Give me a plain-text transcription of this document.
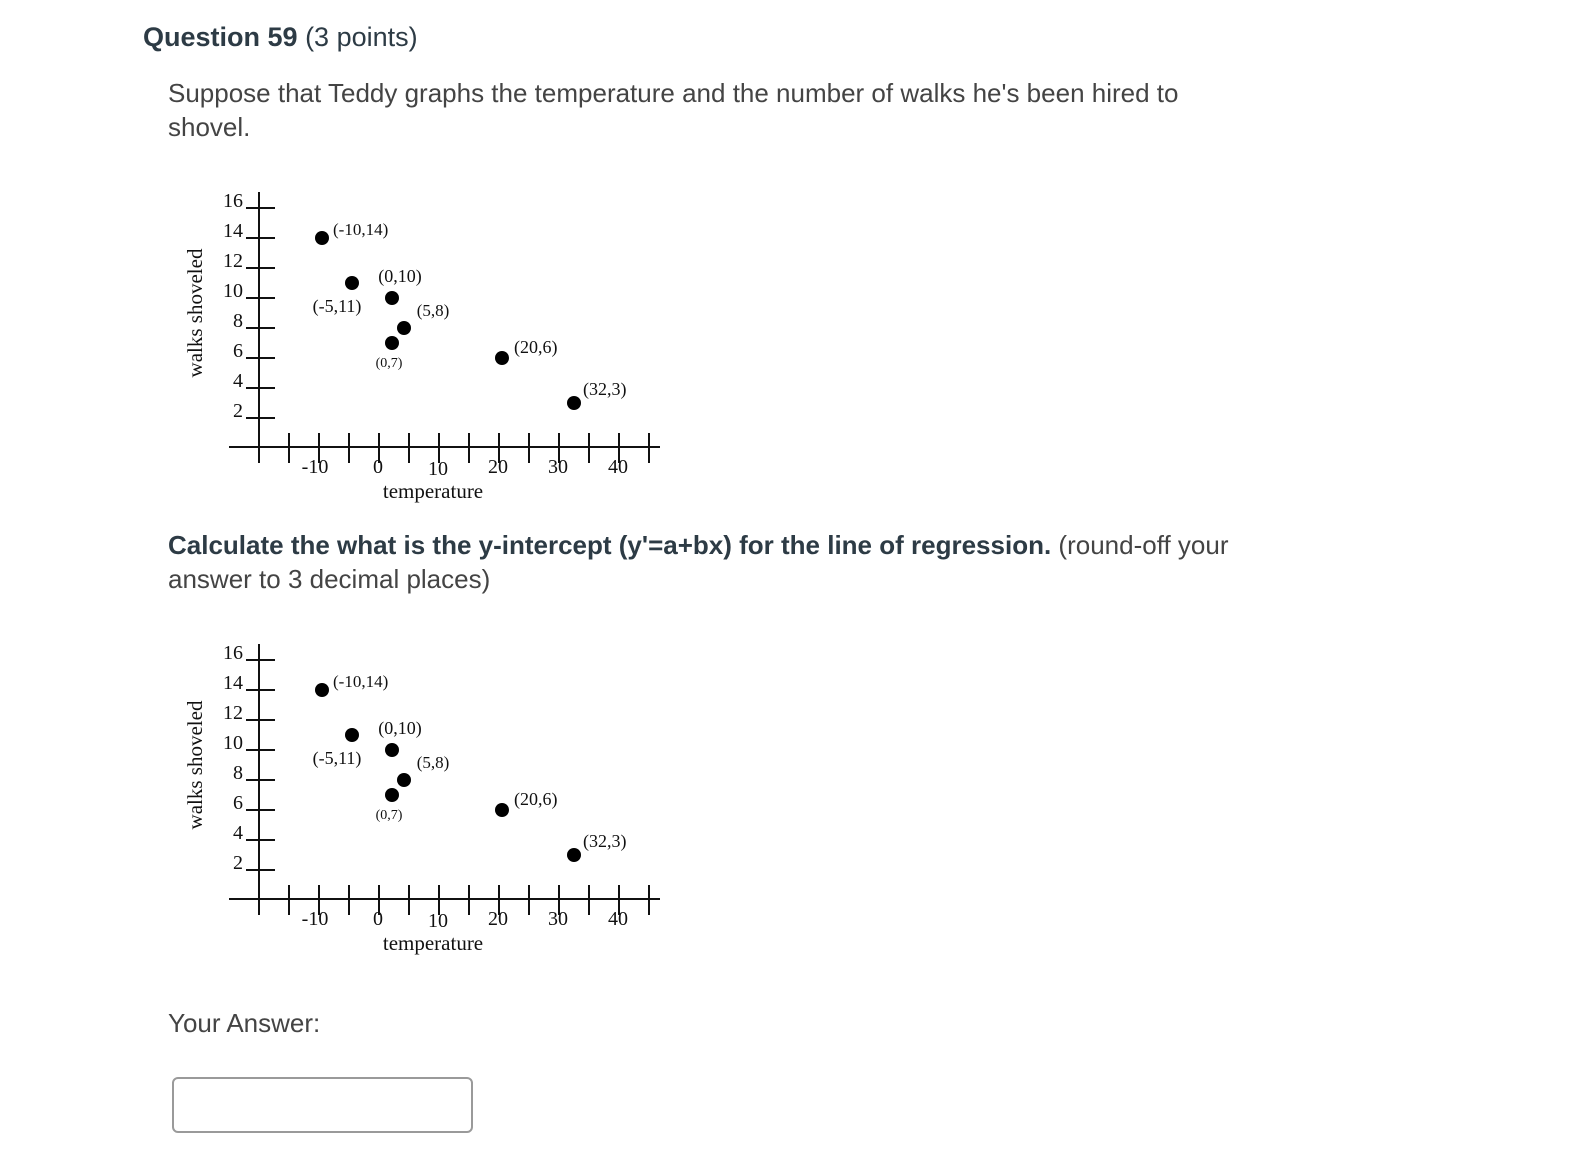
Question 59 (3 points)
Suppose that Teddy graphs the temperature and the number of walks he's been hired to shovel.
16
14
12
10
8
6
4
2
-10 0 10 20 30 40
temperature
walks shoveled
(-10,14)
(-5,11)
(0,10)
(0,7)
(5,8)
(20,6)
(32,3)
Calculate the what is the y-intercept (y'=a+bx) for the line of regression. (round-off your answer to 3 decimal places)
16
14
12
10
8
6
4
2
-10 0 10 20 30 40
temperature
walks shoveled
(-10,14)
(-5,11)
(0,10)
(0,7)
(5,8)
(20,6)
(32,3)
Your Answer:
